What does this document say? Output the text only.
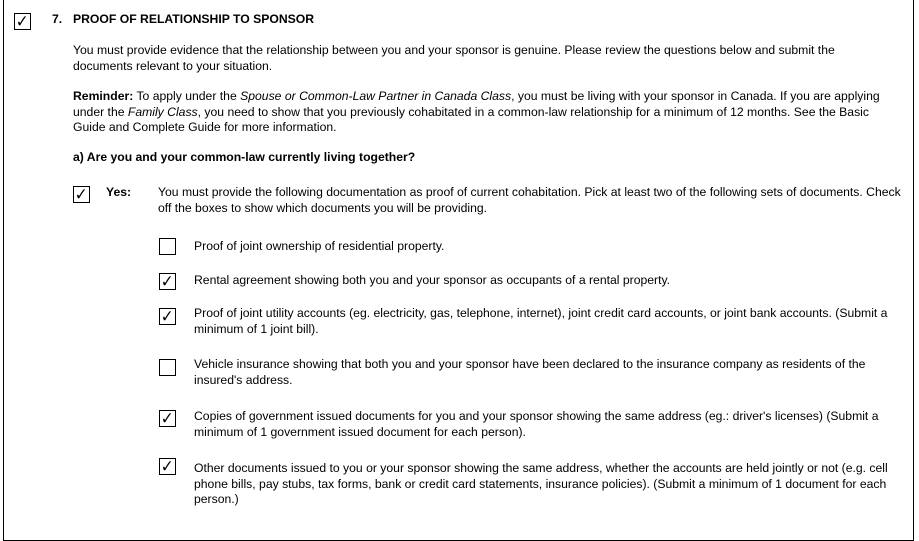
✓ 7. PROOF OF RELATIONSHIP TO SPONSOR
You must provide evidence that the relationship between you and your sponsor is genuine. Please review the questions below and submit the documents relevant to your situation.
Reminder: To apply under the Spouse or Common-Law Partner in Canada Class, you must be living with your sponsor in Canada. If you are applying under the Family Class, you need to show that you previously cohabitated in a common-law relationship for a minimum of 12 months. See the Basic Guide and Complete Guide for more information.
a) Are you and your common-law currently living together?
✓ Yes: You must provide the following documentation as proof of current cohabitation. Pick at least two of the following sets of documents. Check off the boxes to show which documents you will be providing.
Proof of joint ownership of residential property.
✓ Rental agreement showing both you and your sponsor as occupants of a rental property.
✓ Proof of joint utility accounts (eg. electricity, gas, telephone, internet), joint credit card accounts, or joint bank accounts. (Submit a minimum of 1 joint bill).
Vehicle insurance showing that both you and your sponsor have been declared to the insurance company as residents of the insured's address.
✓ Copies of government issued documents for you and your sponsor showing the same address (eg.: driver's licenses) (Submit a minimum of 1 government issued document for each person).
✓ Other documents issued to you or your sponsor showing the same address, whether the accounts are held jointly or not (e.g. cell phone bills, pay stubs, tax forms, bank or credit card statements, insurance policies). (Submit a minimum of 1 document for each person.)
